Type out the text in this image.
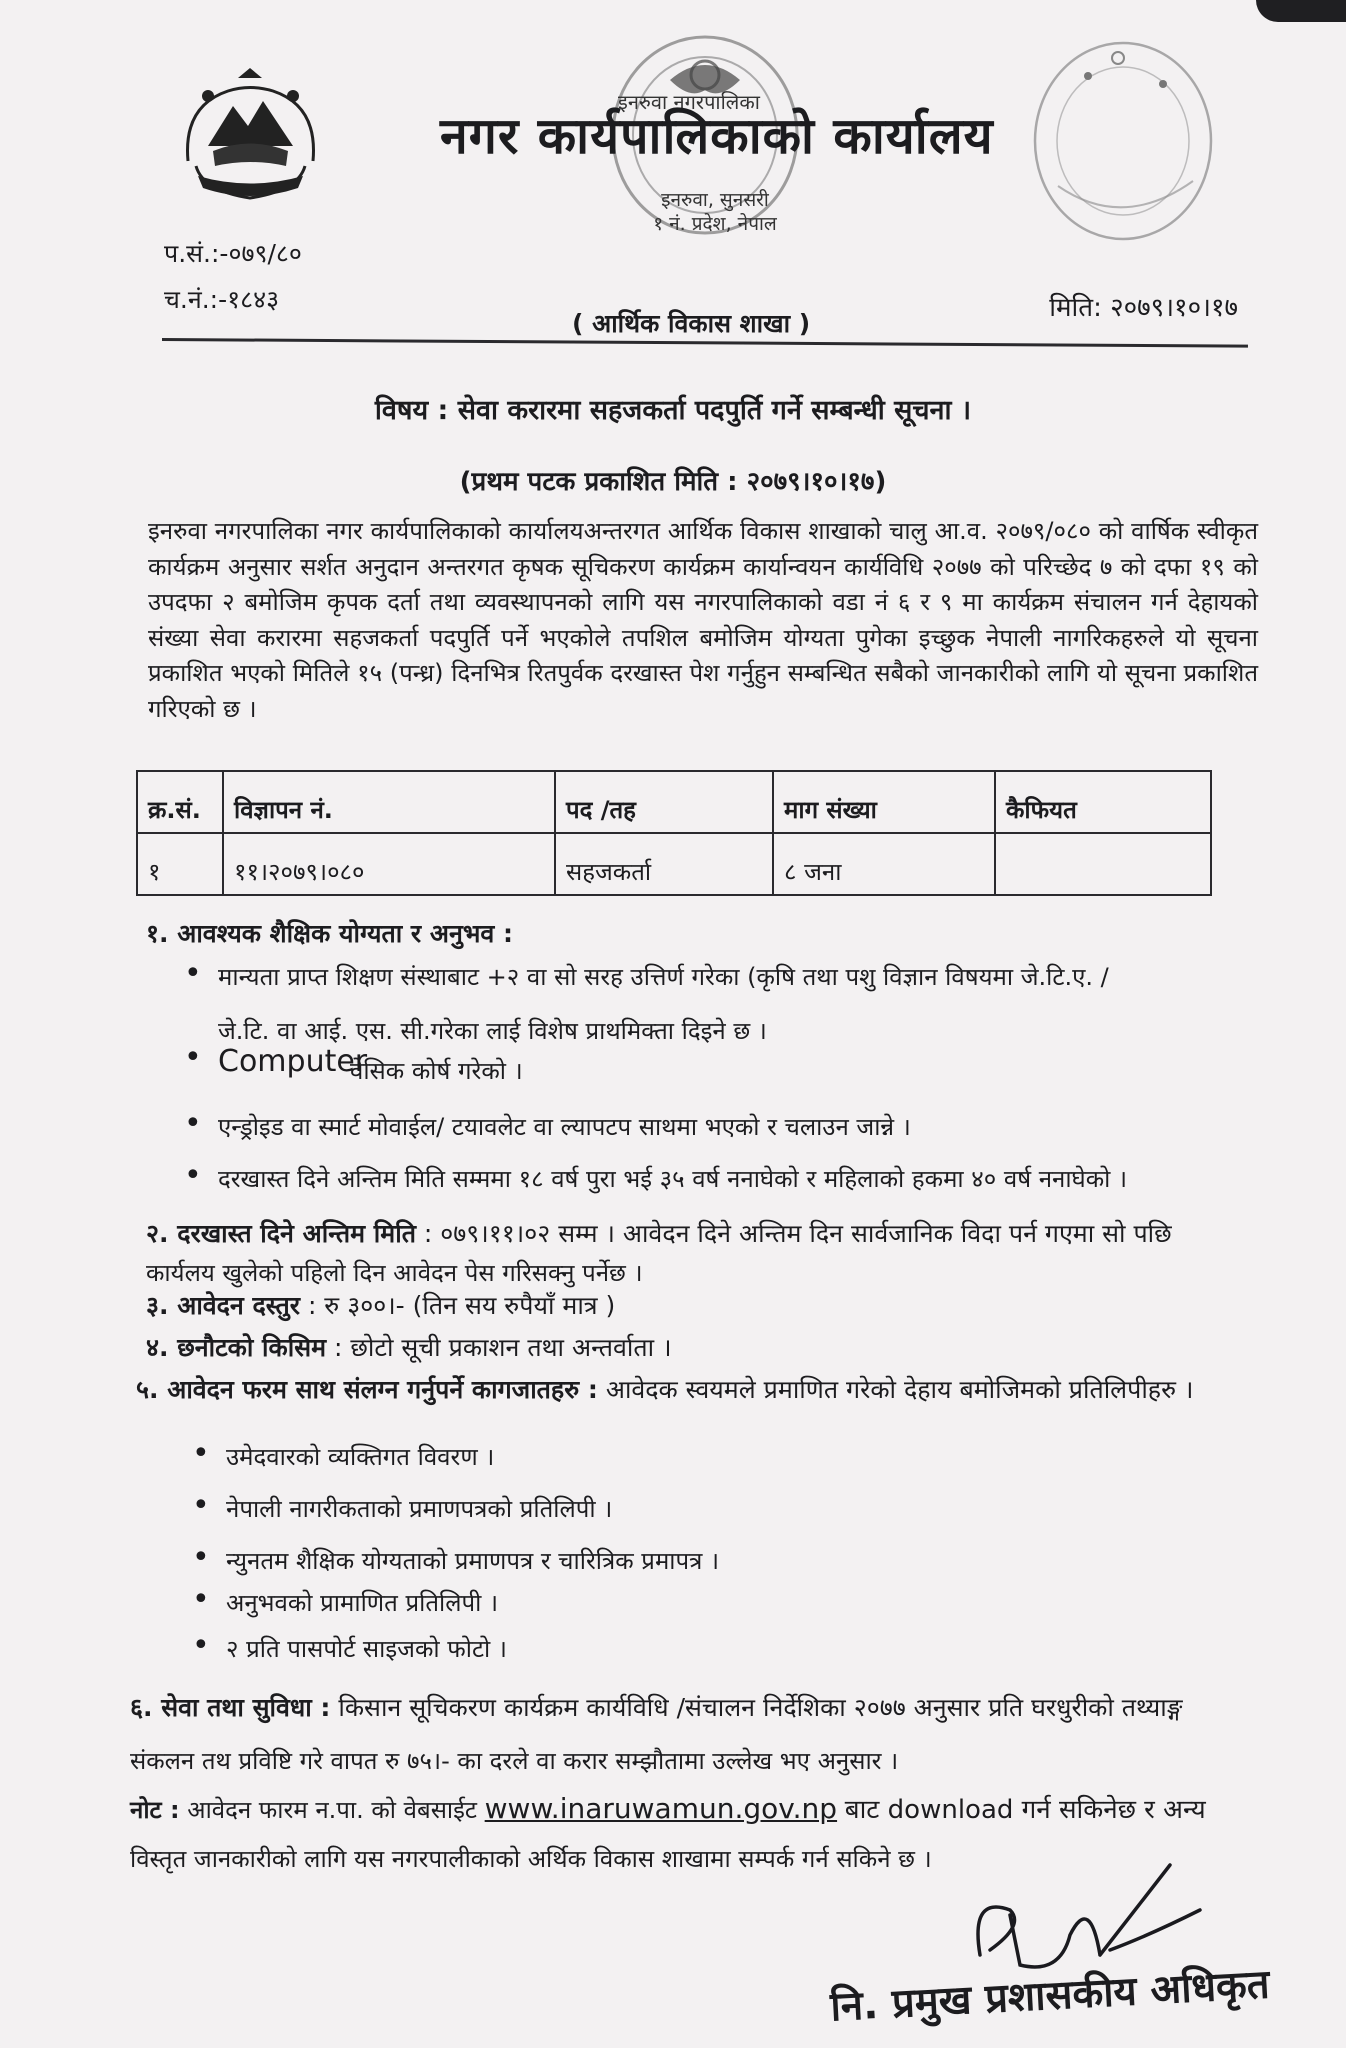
इनरुवा नगरपालिका
नगर कार्यपालिकाको कार्यालय
इनरुवा, सुनसरी
१ नं. प्रदेश, नेपाल
प.सं.:-०७९/८०
च.नं.:-१८४३	मिति: २०७९।१०।१७
( आर्थिक विकास शाखा )
विषय : सेवा करारमा सहजकर्ता पदपुर्ति गर्ने सम्बन्धी सूचना ।
(प्रथम पटक प्रकाशित मिति : २०७९।१०।१७)
इनरुवा नगरपालिका नगर कार्यपालिकाको कार्यालयअन्तरगत आर्थिक विकास शाखाको चालु आ.व. २०७९/०८० को वार्षिक स्वीकृत कार्यक्रम अनुसार सर्शत अनुदान अन्तरगत कृषक सूचिकरण कार्यक्रम कार्यान्वयन कार्यविधि २०७७ को परिच्छेद ७ को दफा १९ को उपदफा २ बमोजिम कृपक दर्ता तथा व्यवस्थापनको लागि यस नगरपालिकाको वडा नं ६ र ९ मा कार्यक्रम संचालन गर्न देहायको संख्या सेवा करारमा सहजकर्ता पदपुर्ति पर्ने भएकोले तपशिल बमोजिम योग्यता पुगेका इच्छुक नेपाली नागरिकहरुले यो सूचना प्रकाशित भएको मितिले १५ (पन्ध्र) दिनभित्र रितपुर्वक दरखास्त पेश गर्नुहुन सम्बन्धित सबैको जानकारीको लागि यो सूचना प्रकाशित गरिएको छ ।
क्र.सं.	विज्ञापन नं.	पद /तह	माग संख्या	कैफियत
१	११।२०७९।०८०	सहजकर्ता	८ जना	
१. आवश्यक शैक्षिक योग्यता र अनुभव :
• मान्यता प्राप्त शिक्षण संस्थाबाट +२ वा सो सरह उत्तिर्ण गरेका (कृषि तथा पशु विज्ञान विषयमा जे.टि.ए. /
जे.टि. वा आई. एस. सी.गरेका लाई विशेष प्राथमिक्ता दिइने छ ।
• Computer
वेसिक कोर्ष गरेको ।
• एन्ड्रोइड वा स्मार्ट मोवाईल/ टयावलेट वा ल्यापटप साथमा भएको र चलाउन जान्ने ।
• दरखास्त दिने अन्तिम मिति सम्ममा १८ वर्ष पुरा भई ३५ वर्ष ननाघेको र महिलाको हकमा ४० वर्ष ननाघेको ।
२. दरखास्त दिने अन्तिम मिति : ०७९।११।०२ सम्म । आवेदन दिने अन्तिम दिन सार्वजानिक विदा पर्न गएमा सो पछि
कार्यलय खुलेको पहिलो दिन आवेदन पेस गरिसक्नु पर्नेछ ।
३. आवेदन दस्तुर : रु ३००।- (तिन सय रुपैयाँ मात्र )
४. छनौटको किसिम : छोटो सूची प्रकाशन तथा अन्तर्वाता ।
५. आवेदन फरम साथ संलग्न गर्नुपर्ने कागजातहरु : आवेदक स्वयमले प्रमाणित गरेको देहाय बमोजिमको प्रतिलिपीहरु ।
• उमेदवारको व्यक्तिगत विवरण ।
• नेपाली नागरीकताको प्रमाणपत्रको प्रतिलिपी ।
• न्युनतम शैक्षिक योग्यताको प्रमाणपत्र र चारित्रिक प्रमापत्र ।
• अनुभवको प्रामाणित प्रतिलिपी ।
• २ प्रति पासपोर्ट साइजको फोटो ।
६. सेवा तथा सुविधा : किसान सूचिकरण कार्यक्रम कार्यविधि /संचालन निर्देशिका २०७७ अनुसार प्रति घरधुरीको तथ्याङ्ग
संकलन तथ प्रविष्टि गरे वापत रु ७५।- का दरले वा करार सम्झौतामा उल्लेख भए अनुसार ।
नोट : आवेदन फारम न.पा. को वेबसाईट www.inaruwamun.gov.np बाट download गर्न सकिनेछ र अन्य
विस्तृत जानकारीको लागि यस नगरपालीकाको अर्थिक विकास शाखामा सम्पर्क गर्न सकिने छ ।
नि. प्रमुख प्रशासकीय अधिकृत
